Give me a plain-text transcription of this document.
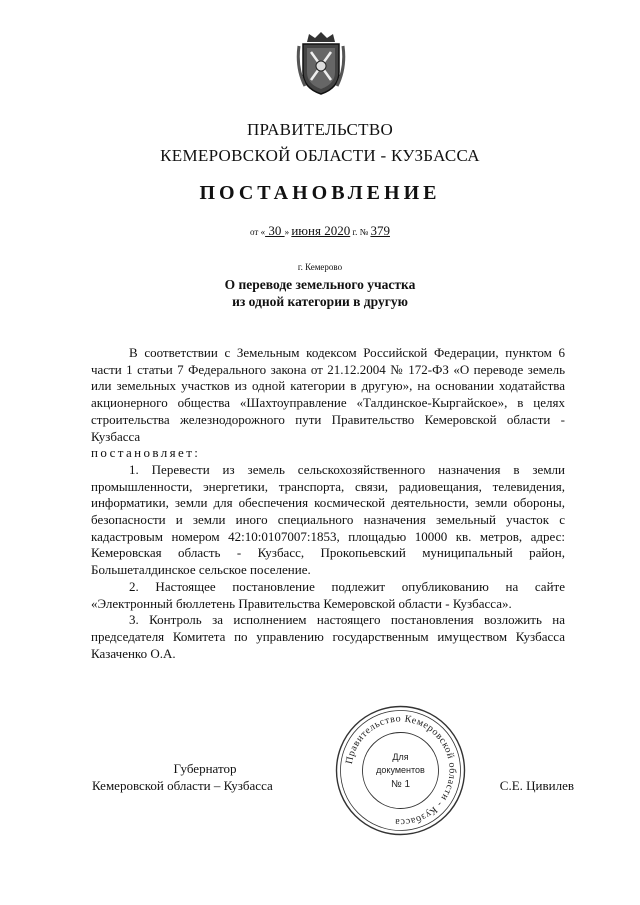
ПРАВИТЕЛЬСТВО
КЕМЕРОВСКОЙ ОБЛАСТИ - КУЗБАССА
ПОСТАНОВЛЕНИЕ
от « 30 » июня 2020 г. № 379
г. Кемерово
О переводе земельного участка
из одной категории в другую

В соответствии с Земельным кодексом Российской Федерации, пунктом 6 части 1 статьи 7 Федерального закона от 21.12.2004 № 172-ФЗ «О переводе земель или земельных участков из одной категории в другую», на основании ходатайства акционерного общества «Шахтоуправление «Талдинское-Кыргайское», в целях строительства железнодорожного пути Правительство Кемеровской области - Кузбасса

постановляет:

1. Перевести из земель сельскохозяйственного назначения в земли промышленности, энергетики, транспорта, связи, радиовещания, телевидения, информатики, земли для обеспечения космической деятельности, земли обороны, безопасности и земли иного специального назначения земельный участок с кадастровым номером 42:10:0107007:1853, площадью 10000 кв. метров, адрес: Кемеровская область - Кузбасс, Прокопьевский муниципальный район, Большеталдинское сельское поселение.

2. Настоящее постановление подлежит опубликованию на сайте «Электронный бюллетень Правительства Кемеровской области - Кузбасса».

3. Контроль за исполнением настоящего постановления возложить на председателя Комитета по управлению государственным имуществом Кузбасса Казаченко О.А.

Губернатор
Кемеровской области – Кузбасса	С.Е. Цивилев
Правительство Кемеровской области - Кузбасса
Для
документов
№ 1
